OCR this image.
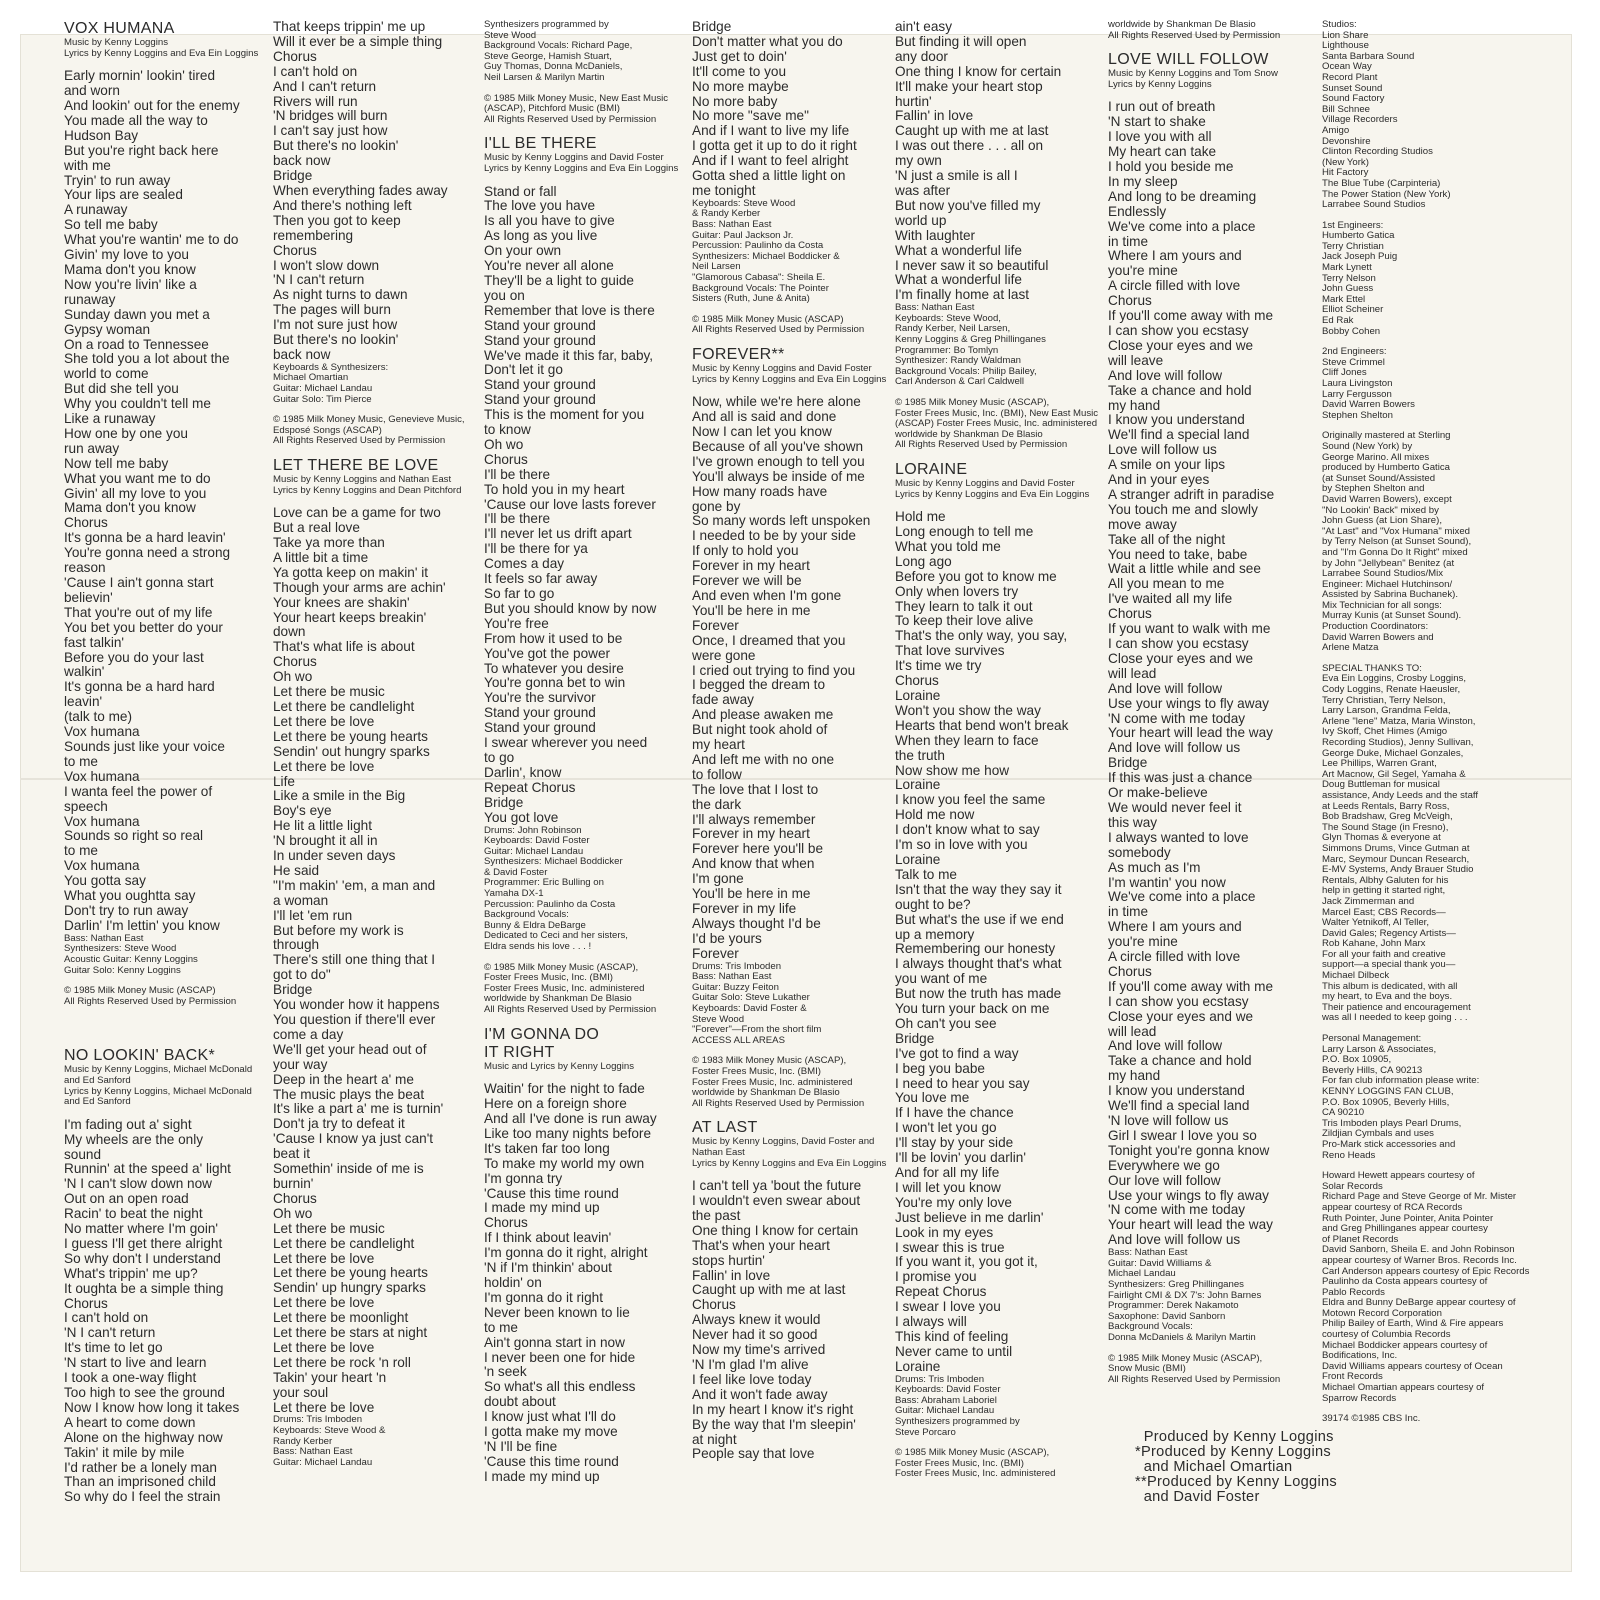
VOX HUMANA
Music by Kenny Loggins
Lyrics by Kenny Loggins and Eva Ein Loggins
Early mornin' lookin' tired
and worn
And lookin' out for the enemy
You made all the way to
Hudson Bay
But you're right back here
with me
Tryin' to run away
Your lips are sealed
A runaway
So tell me baby
What you're wantin' me to do
Givin' my love to you
Mama don't you know
Now you're livin' like a
runaway
Sunday dawn you met a
Gypsy woman
On a road to Tennessee
She told you a lot about the
world to come
But did she tell you
Why you couldn't tell me
Like a runaway
How one by one you
run away
Now tell me baby
What you want me to do
Givin' all my love to you
Mama don't you know
Chorus
It's gonna be a hard leavin'
You're gonna need a strong
reason
'Cause I ain't gonna start
believin'
That you're out of my life
You bet you better do your
fast talkin'
Before you do your last
walkin'
It's gonna be a hard hard
leavin'
(talk to me)
Vox humana
Sounds just like your voice
to me
Vox humana
I wanta feel the power of
speech
Vox humana
Sounds so right so real
to me
Vox humana
You gotta say
What you oughtta say
Don't try to run away
Darlin' I'm lettin' you know
Bass: Nathan East
Synthesizers: Steve Wood
Acoustic Guitar: Kenny Loggins
Guitar Solo: Kenny Loggins
© 1985 Milk Money Music (ASCAP)
All Rights Reserved Used by Permission
NO LOOKIN' BACK*
Music by Kenny Loggins, Michael McDonald
and Ed Sanford
Lyrics by Kenny Loggins, Michael McDonald
and Ed Sanford
I'm fading out a' sight
My wheels are the only
sound
Runnin' at the speed a' light
'N I can't slow down now
Out on an open road
Racin' to beat the night
No matter where I'm goin'
I guess I'll get there alright
So why don't I understand
What's trippin' me up?
It oughta be a simple thing
Chorus
I can't hold on
'N I can't return
It's time to let go
'N start to live and learn
I took a one-way flight
Too high to see the ground
Now I know how long it takes
A heart to come down
Alone on the highway now
Takin' it mile by mile
I'd rather be a lonely man
Than an imprisoned child
So why do I feel the strain
That keeps trippin' me up
Will it ever be a simple thing
Chorus
I can't hold on
And I can't return
Rivers will run
'N bridges will burn
I can't say just how
But there's no lookin'
back now
Bridge
When everything fades away
And there's nothing left
Then you got to keep
remembering
Chorus
I won't slow down
'N I can't return
As night turns to dawn
The pages will burn
I'm not sure just how
But there's no lookin'
back now
Keyboards & Synthesizers:
Michael Omartian
Guitar: Michael Landau
Guitar Solo: Tim Pierce
© 1985 Milk Money Music, Genevieve Music,
Edsposé Songs (ASCAP)
All Rights Reserved Used by Permission
LET THERE BE LOVE
Music by Kenny Loggins and Nathan East
Lyrics by Kenny Loggins and Dean Pitchford
Love can be a game for two
But a real love
Take ya more than
A little bit a time
Ya gotta keep on makin' it
Though your arms are achin'
Your knees are shakin'
Your heart keeps breakin'
down
That's what life is about
Chorus
Oh wo
Let there be music
Let there be candlelight
Let there be love
Let there be young hearts
Sendin' out hungry sparks
Let there be love
Life
Like a smile in the Big
Boy's eye
He lit a little light
'N brought it all in
In under seven days
He said
"I'm makin' 'em, a man and
a woman
I'll let 'em run
But before my work is
through
There's still one thing that I
got to do"
Bridge
You wonder how it happens
You question if there'll ever
come a day
We'll get your head out of
your way
Deep in the heart a' me
The music plays the beat
It's like a part a' me is turnin'
Don't ja try to defeat it
'Cause I know ya just can't
beat it
Somethin' inside of me is
burnin'
Chorus
Oh wo
Let there be music
Let there be candlelight
Let there be love
Let there be young hearts
Sendin' up hungry sparks
Let there be love
Let there be moonlight
Let there be stars at night
Let there be love
Let there be rock 'n roll
Takin' your heart 'n
your soul
Let there be love
Drums: Tris Imboden
Keyboards: Steve Wood &
Randy Kerber
Bass: Nathan East
Guitar: Michael Landau
Synthesizers programmed by
Steve Wood
Background Vocals: Richard Page,
Steve George, Hamish Stuart,
Guy Thomas, Donna McDaniels,
Neil Larsen & Marilyn Martin
© 1985 Milk Money Music, New East Music
(ASCAP), Pitchford Music (BMI)
All Rights Reserved Used by Permission
I'LL BE THERE
Music by Kenny Loggins and David Foster
Lyrics by Kenny Loggins and Eva Ein Loggins
Stand or fall
The love you have
Is all you have to give
As long as you live
On your own
You're never all alone
They'll be a light to guide
you on
Remember that love is there
Stand your ground
Stand your ground
We've made it this far, baby,
Don't let it go
Stand your ground
Stand your ground
This is the moment for you
to know
Oh wo
Chorus
I'll be there
To hold you in my heart
'Cause our love lasts forever
I'll be there
I'll never let us drift apart
I'll be there for ya
Comes a day
It feels so far away
So far to go
But you should know by now
You're free
From how it used to be
You've got the power
To whatever you desire
You're gonna bet to win
You're the survivor
Stand your ground
Stand your ground
I swear wherever you need
to go
Darlin', know
Repeat Chorus
Bridge
You got love
Drums: John Robinson
Keyboards: David Foster
Guitar: Michael Landau
Synthesizers: Michael Boddicker
& David Foster
Programmer: Eric Bulling on
Yamaha DX-1
Percussion: Paulinho da Costa
Background Vocals:
Bunny & Eldra DeBarge
Dedicated to Ceci and her sisters,
Eldra sends his love . . . !
© 1985 Milk Money Music (ASCAP),
Foster Frees Music, Inc. (BMI)
Foster Frees Music, Inc. administered
worldwide by Shankman De Blasio
All Rights Reserved Used by Permission
I'M GONNA DO
IT RIGHT
Music and Lyrics by Kenny Loggins
Waitin' for the night to fade
Here on a foreign shore
And all I've done is run away
Like too many nights before
It's taken far too long
To make my world my own
I'm gonna try
'Cause this time round
I made my mind up
Chorus
If I think about leavin'
I'm gonna do it right, alright
'N if I'm thinkin' about
holdin' on
I'm gonna do it right
Never been known to lie
to me
Ain't gonna start in now
I never been one for hide
'n seek
So what's all this endless
doubt about
I know just what I'll do
I gotta make my move
'N I'll be fine
'Cause this time round
I made my mind up
Bridge
Don't matter what you do
Just get to doin'
It'll come to you
No more maybe
No more baby
No more "save me"
And if I want to live my life
I gotta get it up to do it right
And if I want to feel alright
Gotta shed a little light on
me tonight
Keyboards: Steve Wood
& Randy Kerber
Bass: Nathan East
Guitar: Paul Jackson Jr.
Percussion: Paulinho da Costa
Synthesizers: Michael Boddicker &
Neil Larsen
"Glamorous Cabasa": Sheila E.
Background Vocals: The Pointer
Sisters (Ruth, June & Anita)
© 1985 Milk Money Music (ASCAP)
All Rights Reserved Used by Permission
FOREVER**
Music by Kenny Loggins and David Foster
Lyrics by Kenny Loggins and Eva Ein Loggins
Now, while we're here alone
And all is said and done
Now I can let you know
Because of all you've shown
I've grown enough to tell you
You'll always be inside of me
How many roads have
gone by
So many words left unspoken
I needed to be by your side
If only to hold you
Forever in my heart
Forever we will be
And even when I'm gone
You'll be here in me
Forever
Once, I dreamed that you
were gone
I cried out trying to find you
I begged the dream to
fade away
And please awaken me
But night took ahold of
my heart
And left me with no one
to follow
The love that I lost to
the dark
I'll always remember
Forever in my heart
Forever here you'll be
And know that when
I'm gone
You'll be here in me
Forever in my life
Always thought I'd be
I'd be yours
Forever
Drums: Tris Imboden
Bass: Nathan East
Guitar: Buzzy Feiton
Guitar Solo: Steve Lukather
Keyboards: David Foster &
Steve Wood
"Forever"—From the short film
ACCESS ALL AREAS
© 1983 Milk Money Music (ASCAP),
Foster Frees Music, Inc. (BMI)
Foster Frees Music, Inc. administered
worldwide by Shankman De Blasio
All Rights Reserved Used by Permission
AT LAST
Music by Kenny Loggins, David Foster and
Nathan East
Lyrics by Kenny Loggins and Eva Ein Loggins
I can't tell ya 'bout the future
I wouldn't even swear about
the past
One thing I know for certain
That's when your heart
stops hurtin'
Fallin' in love
Caught up with me at last
Chorus
Always knew it would
Never had it so good
Now my time's arrived
'N I'm glad I'm alive
I feel like love today
And it won't fade away
In my heart I know it's right
By the way that I'm sleepin'
at night
People say that love
ain't easy
But finding it will open
any door
One thing I know for certain
It'll make your heart stop
hurtin'
Fallin' in love
Caught up with me at last
I was out there . . . all on
my own
'N just a smile is all I
was after
But now you've filled my
world up
With laughter
What a wonderful life
I never saw it so beautiful
What a wonderful life
I'm finally home at last
Bass: Nathan East
Keyboards: Steve Wood,
Randy Kerber, Neil Larsen,
Kenny Loggins & Greg Phillinganes
Programmer: Bo Tomlyn
Synthesizer: Randy Waldman
Background Vocals: Philip Bailey,
Carl Anderson & Carl Caldwell
© 1985 Milk Money Music (ASCAP),
Foster Frees Music, Inc. (BMI), New East Music
(ASCAP) Foster Frees Music, Inc. administered
worldwide by Shankman De Blasio
All Rights Reserved Used by Permission
LORAINE
Music by Kenny Loggins and David Foster
Lyrics by Kenny Loggins and Eva Ein Loggins
Hold me
Long enough to tell me
What you told me
Long ago
Before you got to know me
Only when lovers try
They learn to talk it out
To keep their love alive
That's the only way, you say,
That love survives
It's time we try
Chorus
Loraine
Won't you show the way
Hearts that bend won't break
When they learn to face
the truth
Now show me how
Loraine
I know you feel the same
Hold me now
I don't know what to say
I'm so in love with you
Loraine
Talk to me
Isn't that the way they say it
ought to be?
But what's the use if we end
up a memory
Remembering our honesty
I always thought that's what
you want of me
But now the truth has made
You turn your back on me
Oh can't you see
Bridge
I've got to find a way
I beg you babe
I need to hear you say
You love me
If I have the chance
I won't let you go
I'll stay by your side
I'll be lovin' you darlin'
And for all my life
I will let you know
You're my only love
Just believe in me darlin'
Look in my eyes
I swear this is true
If you want it, you got it,
I promise you
Repeat Chorus
I swear I love you
I always will
This kind of feeling
Never came to until
Loraine
Drums: Tris Imboden
Keyboards: David Foster
Bass: Abraham Laboriel
Guitar: Michael Landau
Synthesizers programmed by
Steve Porcaro
© 1985 Milk Money Music (ASCAP),
Foster Frees Music, Inc. (BMI)
Foster Frees Music, Inc. administered
worldwide by Shankman De Blasio
All Rights Reserved Used by Permission
LOVE WILL FOLLOW
Music by Kenny Loggins and Tom Snow
Lyrics by Kenny Loggins
I run out of breath
'N start to shake
I love you with all
My heart can take
I hold you beside me
In my sleep
And long to be dreaming
Endlessly
We've come into a place
in time
Where I am yours and
you're mine
A circle filled with love
Chorus
If you'll come away with me
I can show you ecstasy
Close your eyes and we
will leave
And love will follow
Take a chance and hold
my hand
I know you understand
We'll find a special land
Love will follow us
A smile on your lips
And in your eyes
A stranger adrift in paradise
You touch me and slowly
move away
Take all of the night
You need to take, babe
Wait a little while and see
All you mean to me
I've waited all my life
Chorus
If you want to walk with me
I can show you ecstasy
Close your eyes and we
will lead
And love will follow
Use your wings to fly away
'N come with me today
Your heart will lead the way
And love will follow us
Bridge
If this was just a chance
Or make-believe
We would never feel it
this way
I always wanted to love
somebody
As much as I'm
I'm wantin' you now
We've come into a place
in time
Where I am yours and
you're mine
A circle filled with love
Chorus
If you'll come away with me
I can show you ecstasy
Close your eyes and we
will lead
And love will follow
Take a chance and hold
my hand
I know you understand
We'll find a special land
'N love will follow us
Girl I swear I love you so
Tonight you're gonna know
Everywhere we go
Our love will follow
Use your wings to fly away
'N come with me today
Your heart will lead the way
And love will follow us
Bass: Nathan East
Guitar: David Williams &
Michael Landau
Synthesizers: Greg Phillinganes
Fairlight CMI & DX 7's: John Barnes
Programmer: Derek Nakamoto
Saxophone: David Sanborn
Background Vocals:
Donna McDaniels & Marilyn Martin
© 1985 Milk Money Music (ASCAP),
Snow Music (BMI)
All Rights Reserved Used by Permission
Studios:
Lion Share
Lighthouse
Santa Barbara Sound
Ocean Way
Record Plant
Sunset Sound
Sound Factory
Bill Schnee
Village Recorders
Amigo
Devonshire
Clinton Recording Studios
(New York)
Hit Factory
The Blue Tube (Carpinteria)
The Power Station (New York)
Larrabee Sound Studios
1st Engineers:
Humberto Gatica
Terry Christian
Jack Joseph Puig
Mark Lynett
Terry Nelson
John Guess
Mark Ettel
Elliot Scheiner
Ed Rak
Bobby Cohen
2nd Engineers:
Steve Crimmel
Cliff Jones
Laura Livingston
Larry Fergusson
David Warren Bowers
Stephen Shelton
Originally mastered at Sterling
Sound (New York) by
George Marino. All mixes
produced by Humberto Gatica
(at Sunset Sound/Assisted
by Stephen Shelton and
David Warren Bowers), except
"No Lookin' Back" mixed by
John Guess (at Lion Share),
"At Last" and "Vox Humana" mixed
by Terry Nelson (at Sunset Sound),
and "I'm Gonna Do It Right" mixed
by John "Jellybean" Benitez (at
Larrabee Sound Studios/Mix
Engineer: Michael Hutchinson/
Assisted by Sabrina Buchanek).
Mix Technician for all songs:
Murray Kunis (at Sunset Sound).
Production Coordinators:
David Warren Bowers and
Arlene Matza
SPECIAL THANKS TO:
Eva Ein Loggins, Crosby Loggins,
Cody Loggins, Renate Haeusler,
Terry Christian, Terry Nelson,
Larry Larson, Grandma Felda,
Arlene "lene" Matza, Maria Winston,
Ivy Skoff, Chet Himes (Amigo
Recording Studios), Jenny Sullivan,
George Duke, Michael Gonzales,
Lee Phillips, Warren Grant,
Art Macnow, Gil Segel, Yamaha &
Doug Buttleman for musical
assistance, Andy Leeds and the staff
at Leeds Rentals, Barry Ross,
Bob Bradshaw, Greg McVeigh,
The Sound Stage (in Fresno),
Glyn Thomas & everyone at
Simmons Drums, Vince Gutman at
Marc, Seymour Duncan Research,
E-MV Systems, Andy Brauer Studio
Rentals, Albhy Galuten for his
help in getting it started right,
Jack Zimmerman and
Marcel East; CBS Records—
Walter Yetnikoff, Al Teller,
David Gales; Regency Artists—
Rob Kahane, John Marx
For all your faith and creative
support—a special thank you—
Michael Dilbeck
This album is dedicated, with all
my heart, to Eva and the boys.
Their patience and encouragement
was all I needed to keep going . . .
Personal Management:
Larry Larson & Associates,
P.O. Box 10905,
Beverly Hills, CA 90213
For fan club information please write:
KENNY LOGGINS FAN CLUB,
P.O. Box 10905, Beverly Hills,
CA 90210
Tris Imboden plays Pearl Drums,
Zildjian Cymbals and uses
Pro-Mark stick accessories and
Reno Heads
Howard Hewett appears courtesy of
Solar Records
Richard Page and Steve George of Mr. Mister
appear courtesy of RCA Records
Ruth Pointer, June Pointer, Anita Pointer
and Greg Phillinganes appear courtesy
of Planet Records
David Sanborn, Sheila E. and John Robinson
appear courtesy of Warner Bros. Records Inc.
Carl Anderson appears courtesy of Epic Records
Paulinho da Costa appears courtesy of
Pablo Records
Eldra and Bunny DeBarge appear courtesy of
Motown Record Corporation
Philip Bailey of Earth, Wind & Fire appears
courtesy of Columbia Records
Michael Boddicker appears courtesy of
Bodifications, Inc.
David Williams appears courtesy of Ocean
Front Records
Michael Omartian appears courtesy of
Sparrow Records
39174 ©1985 CBS Inc.
Produced by Kenny Loggins
*Produced by Kenny Loggins
and Michael Omartian
**Produced by Kenny Loggins
and David Foster
